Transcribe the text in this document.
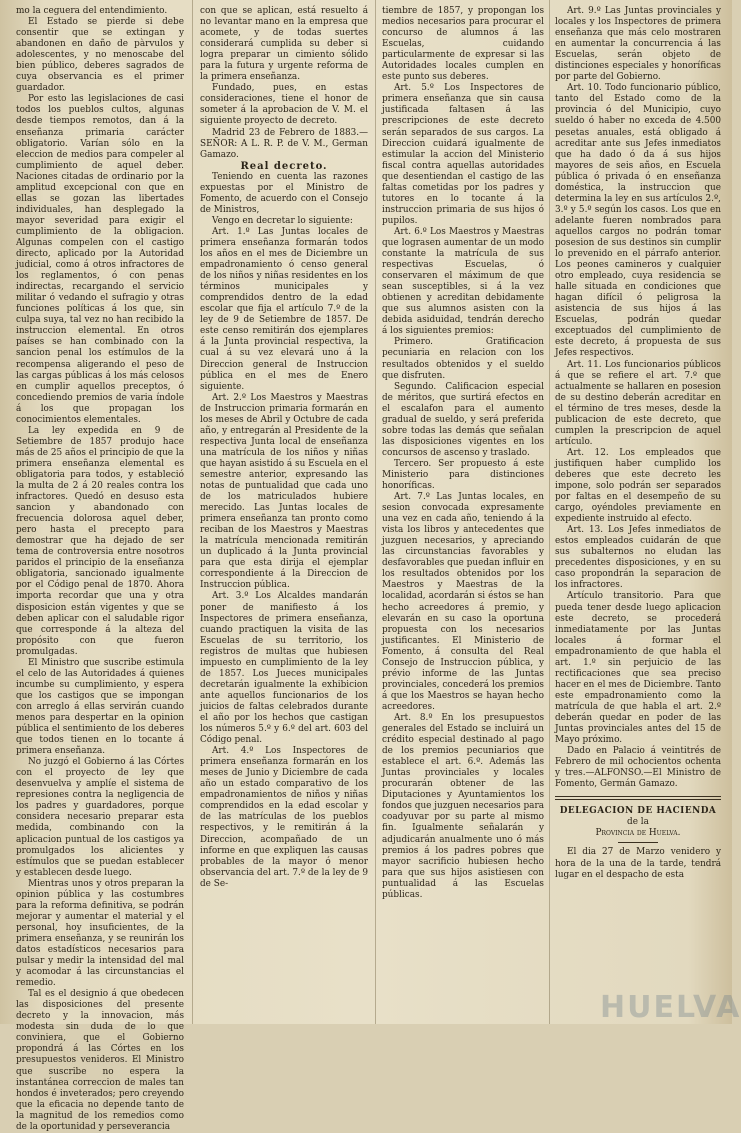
mo la ceguera del entendimiento.

El Estado se pierde si debe consentir que se extingan y abandonen en daño de pàrvulos y adolescentes, y no menoscabe del bien público, deberes sagrados de cuya observancia es el primer guardador.

Por esto las legislaciones de casi todos los pueblos cultos, algunas desde tiempos remotos, dan á la enseñanza primaria carácter obligatorio. Varían sólo en la eleccion de medios para compeler al cumplimiento de aquel deber. Naciones citadas de ordinario por la amplitud excepcional con que en ellas se gozan las libertades individuales, han desplegado la mayor severidad para exigir el cumplimiento de la obligacion. Algunas compelen con el castigo directo, aplicado por la Autoridad judicial, como á otros infractores de los reglamentos, ó con penas indirectas, recargando el servicio militar ó vedando el sufragio y otras funciones políticas á los que, sin culpa suya, tal vez no han recibido la instruccion elemental. En otros países se han combinado con la sancion penal los estímulos de la recompensa aligerando el peso de las cargas públicas á los más celosos en cumplir aquellos preceptos, ó concediendo premios de varia índole á los que propagan los conocimientos elementales.

La ley expedida en 9 de Setiembre de 1857 produjo hace más de 25 años el principio de que la primera enseñanza elemental es obligatoria para todos, y estableció la multa de 2 á 20 reales contra los infractores. Quedó en desuso esta sancion y abandonado con frecuencia dolorosa aquel deber, pero hasta el precepto para demostrar que ha dejado de ser tema de controversia entre nosotros paridos el principio de la enseñanza obligatoria, sancionado igualmente por el Código penal de 1870. Ahora importa recordar que una y otra disposicion están vigentes y que se deben aplicar con el saludable rigor que corresponde á la alteza del propósito con que fueron promulgadas.

El Ministro que suscribe estimula el celo de las Autoridades á quienes incumbe su cumplimiento, y espera que los castigos que se impongan con arreglo á ellas servirán cuando menos para despertar en la opinion pública el sentimiento de los deberes que todos tienen en lo tocante á primera enseñanza.

No juzgó el Gobierno á las Córtes con el proyecto de ley que desenvuelva y amplíe el sistema de represiones contra la negligencia de los padres y guardadores, porque considera necesario preparar esta medida, combinando con la aplicacion puntual de los castigos ya promulgados los alicientes y estímulos que se puedan establecer y establecen desde luego.

Mientras unos y otros preparan la opinion pública y las costumbres para la reforma definitiva, se podrán mejorar y aumentar el material y el personal, hoy insuficientes, de la primera enseñanza, y se reunirán los datos estadísticos necesarios para pulsar y medir la intensidad del mal y acomodar á las circunstancias el remedio.

Tal es el designio á que obedecen las disposiciones del presente decreto y la innovacion, más modesta sin duda de lo que conviniera, que el Gobierno propondrá á las Córtes en los presupuestos venideros. El Ministro que suscribe no espera la instantánea correccion de males tan hondos é inveterados; pero creyendo que la eficacia no depende tanto de la magnitud de los remedios como de la oportunidad y perseverancia

con que se aplican, está resuelto á no levantar mano en la empresa que acomete, y de todas suertes considerará cumplida su deber si logra preparar un cimiento sólido para la futura y urgente reforma de la primera enseñanza.

Fundado, pues, en estas consideraciones, tiene el honor de someter á la aprobacion de V. M. el siguiente proyecto de decreto.

Madrid 23 de Febrero de 1883.— SEÑOR: A L. R. P. de V. M., German Gamazo.

Real decreto.

Teniendo en cuenta las razones expuestas por el Ministro de Fomento, de acuerdo con el Consejo de Ministros,

Vengo en decretar lo siguiente:

Art. 1.º Las Juntas locales de primera enseñanza formarán todos los años en el mes de Diciembre un empadronamiento ó censo general de los niños y niñas residentes en los términos municipales y comprendidos dentro de la edad escolar que fija el artículo 7.º de la ley de 9 de Setiembre de 1857. De este censo remitirán dos ejemplares á la Junta provincial respectiva, la cual á su vez elevará uno á la Direccion general de Instruccion pública en el mes de Enero siguiente.

Art. 2.º Los Maestros y Maestras de Instruccion primaria formarán en los meses de Abril y Octubre de cada año, y entregarán al Presidente de la respectiva Junta local de enseñanza una matrícula de los niños y niñas que hayan asistido á su Escuela en el semestre anterior, expresando las notas de puntualidad que cada uno de los matriculados hubiere merecido. Las Juntas locales de primera enseñanza tan pronto como reciban de los Maestros y Maestras la matrícula mencionada remitirán un duplicado á la Junta provincial para que esta dirija el ejemplar correspondiente á la Direccion de Instruccion pública.

Art. 3.º Los Alcaldes mandarán poner de manifiesto á los Inspectores de primera enseñanza, cuando practiquen la visita de las Escuelas de su territorio, los registros de multas que hubiesen impuesto en cumplimiento de la ley de 1857. Los Jueces municipales decretarán igualmente la exhibicion ante aquellos funcionarios de los juicios de faltas celebrados durante el año por los hechos que castigan los números 5.º y 6.º del art. 603 del Código penal.

Art. 4.º Los Inspectores de primera enseñanza formarán en los meses de Junio y Diciembre de cada año un estado comparativo de los empadronamientos de niños y niñas comprendidos en la edad escolar y de las matrículas de los pueblos respectivos, y le remitirán á la Direccion, acompañado de un informe en que expliquen las causas probables de la mayor ó menor observancia del art. 7.º de la ley de 9 de Se-

tiembre de 1857, y propongan los medios necesarios para procurar el concurso de alumnos á las Escuelas, cuidando particularmente de expresar si las Autoridades locales cumplen en este punto sus deberes.

Art. 5.º Los Inspectores de primera enseñanza que sin causa justificada faltasen á las prescripciones de este decreto serán separados de sus cargos. La Direccion cuidará igualmente de estimular la accion del Ministerio fiscal contra aquellas autoridades que desentiendan el castigo de las faltas cometidas por los padres y tutores en lo tocante á la instruccion primaria de sus hijos ó pupilos.

Art. 6.º Los Maestros y Maestras que lograsen aumentar de un modo constante la matrícula de sus respectivas Escuelas, ó conservaren el máximum de que sean susceptibles, si á la vez obtienen y acreditan debidamente que sus alumnos asisten con la debida asiduidad, tendrán derecho á los siguientes premios:

Primero. Gratificacion pecuniaria en relacion con los resultados obtenidos y el sueldo que disfruten.

Segundo. Calificacion especial de méritos, que surtirá efectos en el escalafon para el aumento gradual de sueldo, y será preferida sobre todas las demás que señalan las disposiciones vigentes en los concursos de ascenso y traslado.

Tercero. Ser propuesto á este Ministerio para distinciones honoríficas.

Art. 7.º Las Juntas locales, en sesion convocada expresamente una vez en cada año, teniendo á la vista los libros y antecedentes que juzguen necesarios, y apreciando las circunstancias favorables y desfavorables que puedan influir en los resultados obtenidos por los Maestros y Maestras de la localidad, acordarán si éstos se han hecho acreedores á premio, y elevarán en su caso la oportuna propuesta con los necesarios justificantes. El Ministerio de Fomento, á consulta del Real Consejo de Instruccion pública, y prévio informe de las Juntas provinciales, concederá los premios á que los Maestros se hayan hecho acreedores.

Art. 8.º En los presupuestos generales del Estado se incluirá un crédito especial destinado al pago de los premios pecuniarios que establece el art. 6.º. Además las Juntas provinciales y locales procurarán obtener de las Diputaciones y Ayuntamientos los fondos que juzguen necesarios para coadyuvar por su parte al mismo fin. Igualmente señalarán y adjudicarán anualmente uno ó más premios á los padres pobres que mayor sacrificio hubiesen hecho para que sus hijos asistiesen con puntualidad á las Escuelas públicas.

Art. 9.º Las Juntas provinciales y locales y los Inspectores de primera enseñanza que más celo mostraren en aumentar la concurrencia á las Escuelas, serán objeto de distinciones especiales y honoríficas por parte del Gobierno.

Art. 10. Todo funcionario público, tanto del Estado como de la provincia ó del Municipio, cuyo sueldo ó haber no exceda de 4.500 pesetas anuales, está obligado á acreditar ante sus Jefes inmediatos que ha dado ó da á sus hijos mayores de seis años, en Escuela pública ó privada ó en enseñanza doméstica, la instruccion que determina la ley en sus artículos 2.º, 3.º y 5.º según los casos. Los que en adelante fueren nombrados para aquellos cargos no podrán tomar posesion de sus destinos sin cumplir lo prevenido en el párrafo anterior. Los peones camineros y cualquier otro empleado, cuya residencia se halle situada en condiciones que hagan difícil ó peligrosa la asistencia de sus hijos á las Escuelas, podrán quedar exceptuados del cumplimiento de este decreto, á propuesta de sus Jefes respectivos.

Art. 11. Los funcionarios públicos á que se refiere el art. 7.º que actualmente se hallaren en posesion de su destino deberán acreditar en el término de tres meses, desde la publicacion de este decreto, que cumplen la prescripcion de aquel artículo.

Art. 12. Los empleados que justifiquen haber cumplido los deberes que este decreto les impone, solo podrán ser separados por faltas en el desempeño de su cargo, oyéndoles previamente en expediente instruido al efecto.

Art. 13. Los Jefes inmediatos de estos empleados cuidarán de que sus subalternos no eludan las precedentes disposiciones, y en su caso propondrán la separacion de los infractores.

Artículo transitorio. Para que pueda tener desde luego aplicacion este decreto, se procederá inmediatamente por las Juntas locales á formar el empadronamiento de que habla el art. 1.º sin perjuicio de las rectificaciones que sea preciso hacer en el mes de Diciembre. Tanto este empadronamiento como la matrícula de que habla el art. 2.º deberán quedar en poder de las Juntas provinciales antes del 15 de Mayo próximo.

Dado en Palacio á veintitrés de Febrero de mil ochocientos ochenta y tres.—ALFONSO.—El Ministro de Fomento, Germán Gamazo.

DELEGACION DE HACIENDA

de la

Provincia de Huelva.

El dia 27 de Marzo venidero y hora de la una de la tarde, tendrá lugar en el despacho de esta

HUELVA
